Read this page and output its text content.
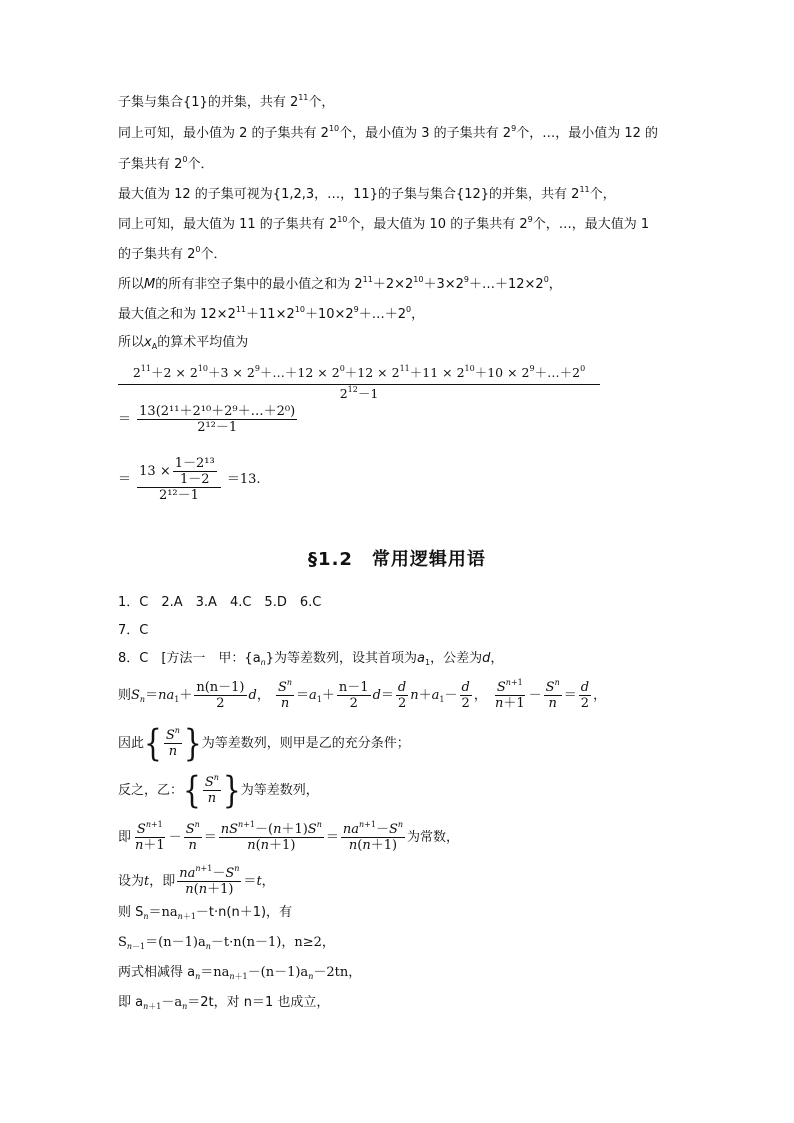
子集与集合{1}的并集，共有 $2^{11}$个，
同上可知，最小值为 2 的子集共有 $2^{10}$个，最小值为 3 的子集共有 $2^9$个，…，最小值为 12 的
子集共有 $2^0$个．
最大值为 12 的子集可视为{1,2,3，…，11}的子集与集合{12}的并集，共有 $2^{11}$个，
同上可知，最大值为 11 的子集共有 $2^{10}$个，最大值为 10 的子集共有 $2^9$个，…，最大值为 1
的子集共有 $2^0$个．
所以M的所有非空子集中的最小值之和为 $2^{11}+2\times 2^{10}+3\times 2^9+\dots+12\times 2^0$，
最大值之和为 $12\times 2^{11}+11\times 2^{10}+10\times 2^9+\dots+2^0$，
所以$x_A$的算术平均值为
$\frac{2^{11}+2 \times 2^{10}+3 \times 2^9+\dots+12 \times 2^0+12 \times 2^{11}+11 \times 2^{10}+10 \times 2^9+\dots+2^0}{2^{12}-1}$
＝ $\frac{\text{13(2¹¹＋2¹⁰＋2⁹＋…＋2⁰)}}{\text{2¹²－1}}$
＝ $\frac{13 \times \frac{\text{1－2¹³}}{1-2}}{\text{2¹²－1}} =13$.
§1.2　常用逻辑用语
1．C　2.A　3.A　4.C　5.D　6.C
7．C
8．C　[方法一　甲：$\{a_n\}$为等差数列，设其首项为$a_1$，公差为d，
则$S_n=na_1+ \frac{n(n-1)}{2}$ d， $\frac{S^n}{n} =a_1+ \frac{n-1}{2} d= \frac{d}{2} n+a_1- \frac{d}{2}$ ， $\frac{S^{n+1}}{n+1} - \frac{S^n}{n} = \frac{d}{2}$ ，
因此{ $\frac{S^n}{n}$ }为等差数列，则甲是乙的充分条件；
反之，乙：{ $\frac{S^n}{n}$ }为等差数列，
即 $\frac{S^{n+1}}{n+1} - \frac{S^n}{n} = \frac{nS^{n+1}-(n+1)S^n}{n(n+1)} = \frac{na^{n+1}-S^n}{n(n+1)}$ 为常数，
设为t，即 $\frac{na^{n+1}-S^n}{n(n+1)} =t$，
则 $S_n=na_{n+1}-t\cdot n(n+1)$，有
$S_{n-1}=(n-1)a_n-t\cdot n(n-1)$，n≥2，
两式相减得 $a_n=na_{n+1}-(n-1)a_n-2tn$，
即 $a_{n+1}-a_n=2t$，对 n＝1 也成立，
